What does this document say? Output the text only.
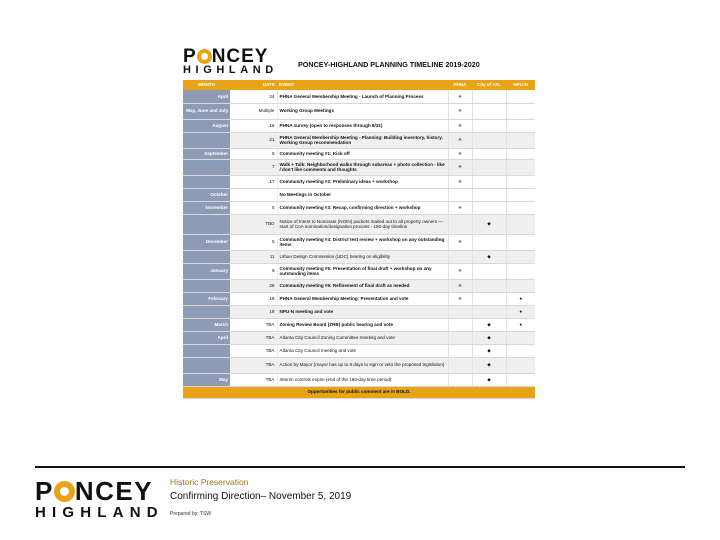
P NCEY
HIGHLAND	PONCEY-HIGHLAND PLANNING TIMELINE 2019-2020
MONTH	DATE	EVENT	PHNA	City of ATL	NPU-N
April	24	PHNA General Membership Meeting - Launch of Planning Process	✳		
May, June and July	Multiple	Working Group Meetings	✳		
August	16	PHNA survey (open to responses through 8/31)	✳		
	21	PHNA General Membership Meeting - Planning: Building inventory, history, Working Group recommendation	✳		
September	5	Community meeting #1: Kick off	✳		
	7	Walk + Talk: Neighborhood walks through subareas + photo collection - like / don't like comments and thoughts	✳		
	17	Community meeting #2: Preliminary ideas + workshop	✳		
October		No Meetings in October			
November	5	Community meeting #3: Recap, confirming direction + workshop	✳		
	TBD	Notice of Intent to Nominate (NOIN) packets mailed out to all property owners — start of CoA nomination/designation process - 180-day timeline		◆	
December	5	Community meeting #4: District test review + workshop on any outstanding items	✳		
	11	Urban Design Commission (UDC) hearing on eligibility		◆	
January	9	Community meeting #5: Presentation of final draft + workshop on any outstanding items	✳		
	29	Community meeting #6: Refinement of final draft as needed	✳		
February	18	PHNA General Membership Meeting: Presentation and vote	✳		●
	19	NPU-N meeting and vote			●
March	TBA	Zoning Review Board (ZRB) public hearing and vote		◆	●
April	TBA	Atlanta City Council Zoning Committee meeting and vote		◆	
	TBA	Atlanta City Council meeting and vote		◆	
	TBA	Action by Mayor (mayor has up to 8 days to sign or veto the proposed legislation)		◆	
May	TBA	Interim controls expire (end of the 180-day time period)		◆	
Opportunities for public comment are in BOLD.					
P NCEY
HIGHLAND
Historic Preservation
Confirming Direction– November 5, 2019
Prepared by: TSW
